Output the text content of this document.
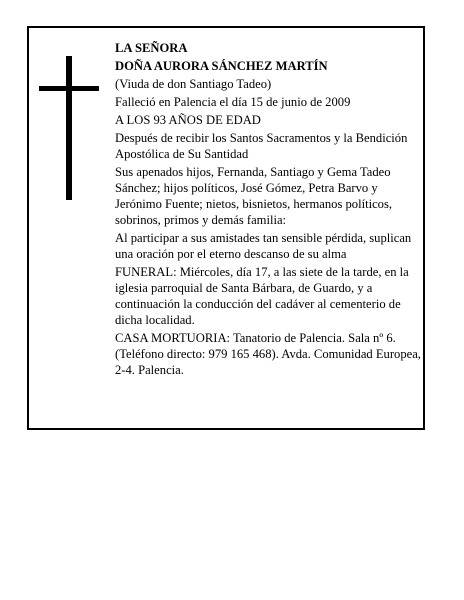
LA SEÑORA

DOÑA AURORA SÁNCHEZ MARTÍN

(Viuda de don Santiago Tadeo)

Falleció en Palencia el día 15 de junio de 2009

A LOS 93 AÑOS DE EDAD

Después de recibir los Santos Sacramentos y la Bendición Apostólica de Su Santidad

Sus apenados hijos, Fernanda, Santiago y Gema Tadeo Sánchez; hijos políticos, José Gómez, Petra Barvo y Jerónimo Fuente; nietos, bisnietos, hermanos políticos, sobrinos, primos y demás familia:

Al participar a sus amistades tan sensible pérdida, suplican una oración por el eterno descanso de su alma

FUNERAL: Miércoles, día 17, a las siete de la tarde, en la iglesia parroquial de Santa Bárbara, de Guardo, y a continuación la conducción del cadáver al cementerio de dicha localidad.

CASA MORTUORIA: Tanatorio de Palencia. Sala nº 6. (Teléfono directo: 979 165 468). Avda. Comunidad Europea, 2-4. Palencia.
